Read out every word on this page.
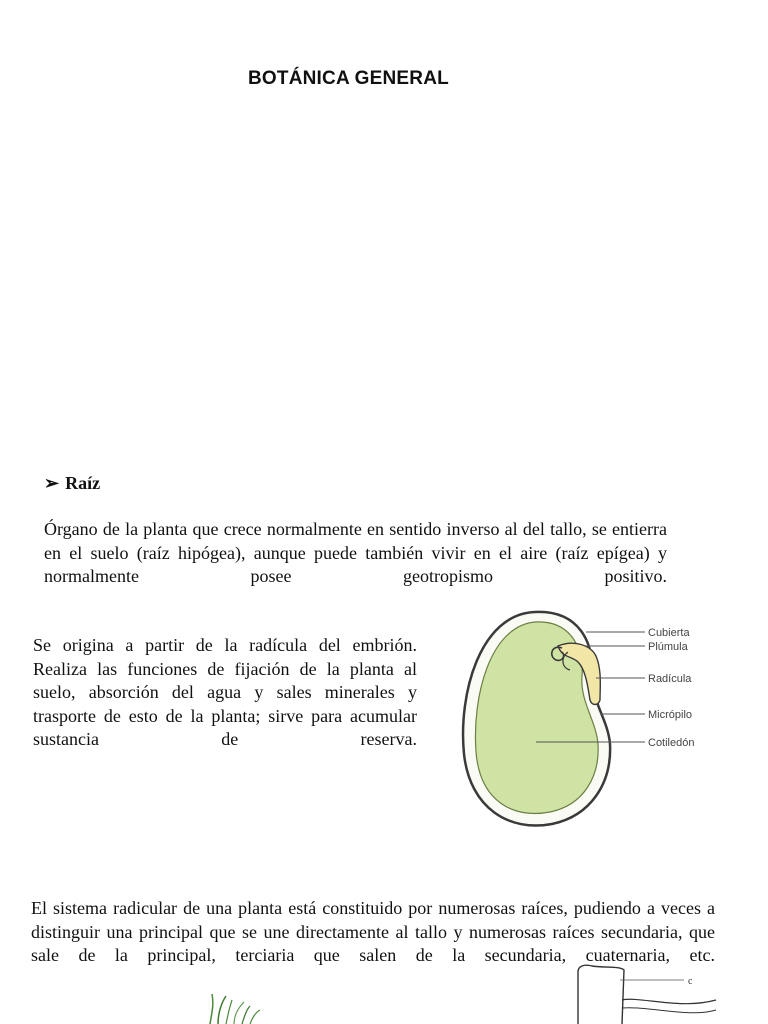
BOTÁNICA GENERAL
➢ Raíz
Órgano de la planta que crece normalmente en sentido inverso al del tallo, se entierra en el suelo (raíz hipógea), aunque puede también vivir en el aire (raíz epígea) y normalmente posee geotropismo positivo.
Se origina a partir de la radícula del embrión. Realiza las funciones de fijación de la planta al suelo, absorción del agua y sales minerales y trasporte de esto de la planta; sirve para acumular sustancia de reserva.
El sistema radicular de una planta está constituido por numerosas raíces, pudiendo a veces a distinguir una principal que se une directamente al tallo y numerosas raíces secundaria, que sale de la principal, terciaria que salen de la secundaria, cuaternaria, etc.
Cubierta
Plúmula
Radícula
Micrópilo
Cotiledón
c
